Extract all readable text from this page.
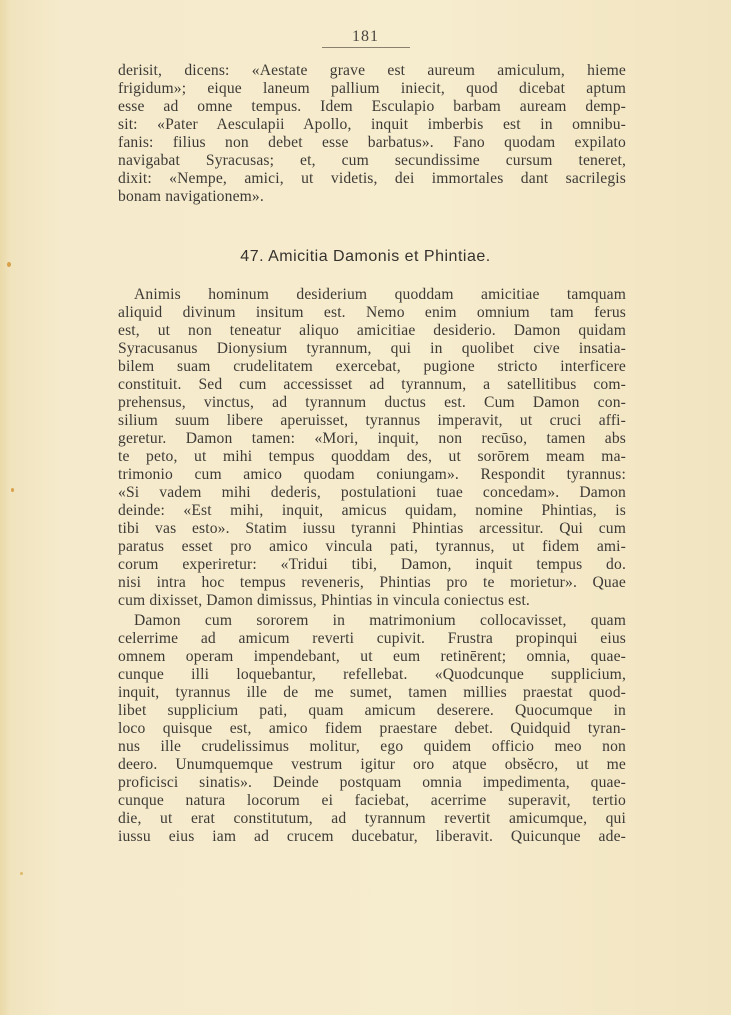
181
derisit, dicens: «Aestate grave est aureum amiculum, hieme
frigidum»; eique laneum pallium iniecit, quod dicebat aptum
esse ad omne tempus. Idem Esculapio barbam auream demp-
sit: «Pater Aesculapii Apollo, inquit imberbis est in omnibu-
fanis: filius non debet esse barbatus». Fano quodam expilato
navigabat Syracusas; et, cum secundissime cursum teneret,
dixit: «Nempe, amici, ut videtis, dei immortales dant sacrilegis
bonam navigationem».
47. Amicitia Damonis et Phintiae.
Animis hominum desiderium quoddam amicitiae tamquam
aliquid divinum insitum est. Nemo enim omnium tam ferus
est, ut non teneatur aliquo amicitiae desiderio. Damon quidam
Syracusanus Dionysium tyrannum, qui in quolibet cive insatia-
bilem suam crudelitatem exercebat, pugione stricto interficere
constituit. Sed cum accessisset ad tyrannum, a satellitibus com-
prehensus, vinctus, ad tyrannum ductus est. Cum Damon con-
silium suum libere aperuisset, tyrannus imperavit, ut cruci affi-
geretur. Damon tamen: «Mori, inquit, non recūso, tamen abs
te peto, ut mihi tempus quoddam des, ut sorōrem meam ma-
trimonio cum amico quodam coniungam». Respondit tyrannus:
«Si vadem mihi dederis, postulationi tuae concedam». Damon
deinde: «Est mihi, inquit, amicus quidam, nomine Phintias, is
tibi vas esto». Statim iussu tyranni Phintias arcessitur. Qui cum
paratus esset pro amico vincula pati, tyrannus, ut fidem ami-
corum experiretur: «Tridui tibi, Damon, inquit tempus do.
nisi intra hoc tempus reveneris, Phintias pro te morietur». Quae
cum dixisset, Damon dimissus, Phintias in vincula coniectus est.
Damon cum sororem in matrimonium collocavisset, quam
celerrime ad amicum reverti cupivit. Frustra propinqui eius
omnem operam impendebant, ut eum retinērent; omnia, quae-
cunque illi loquebantur, refellebat. «Quodcunque supplicium,
inquit, tyrannus ille de me sumet, tamen millies praestat quod-
libet supplicium pati, quam amicum deserere. Quocumque in
loco quisque est, amico fidem praestare debet. Quidquid tyran-
nus ille crudelissimus molitur, ego quidem officio meo non
deero. Unumquemque vestrum igitur oro atque obsĕcro, ut me
proficisci sinatis». Deinde postquam omnia impedimenta, quae-
cunque natura locorum ei faciebat, acerrime superavit, tertio
die, ut erat constitutum, ad tyrannum revertit amicumque, qui
iussu eius iam ad crucem ducebatur, liberavit. Quicunque ade-
